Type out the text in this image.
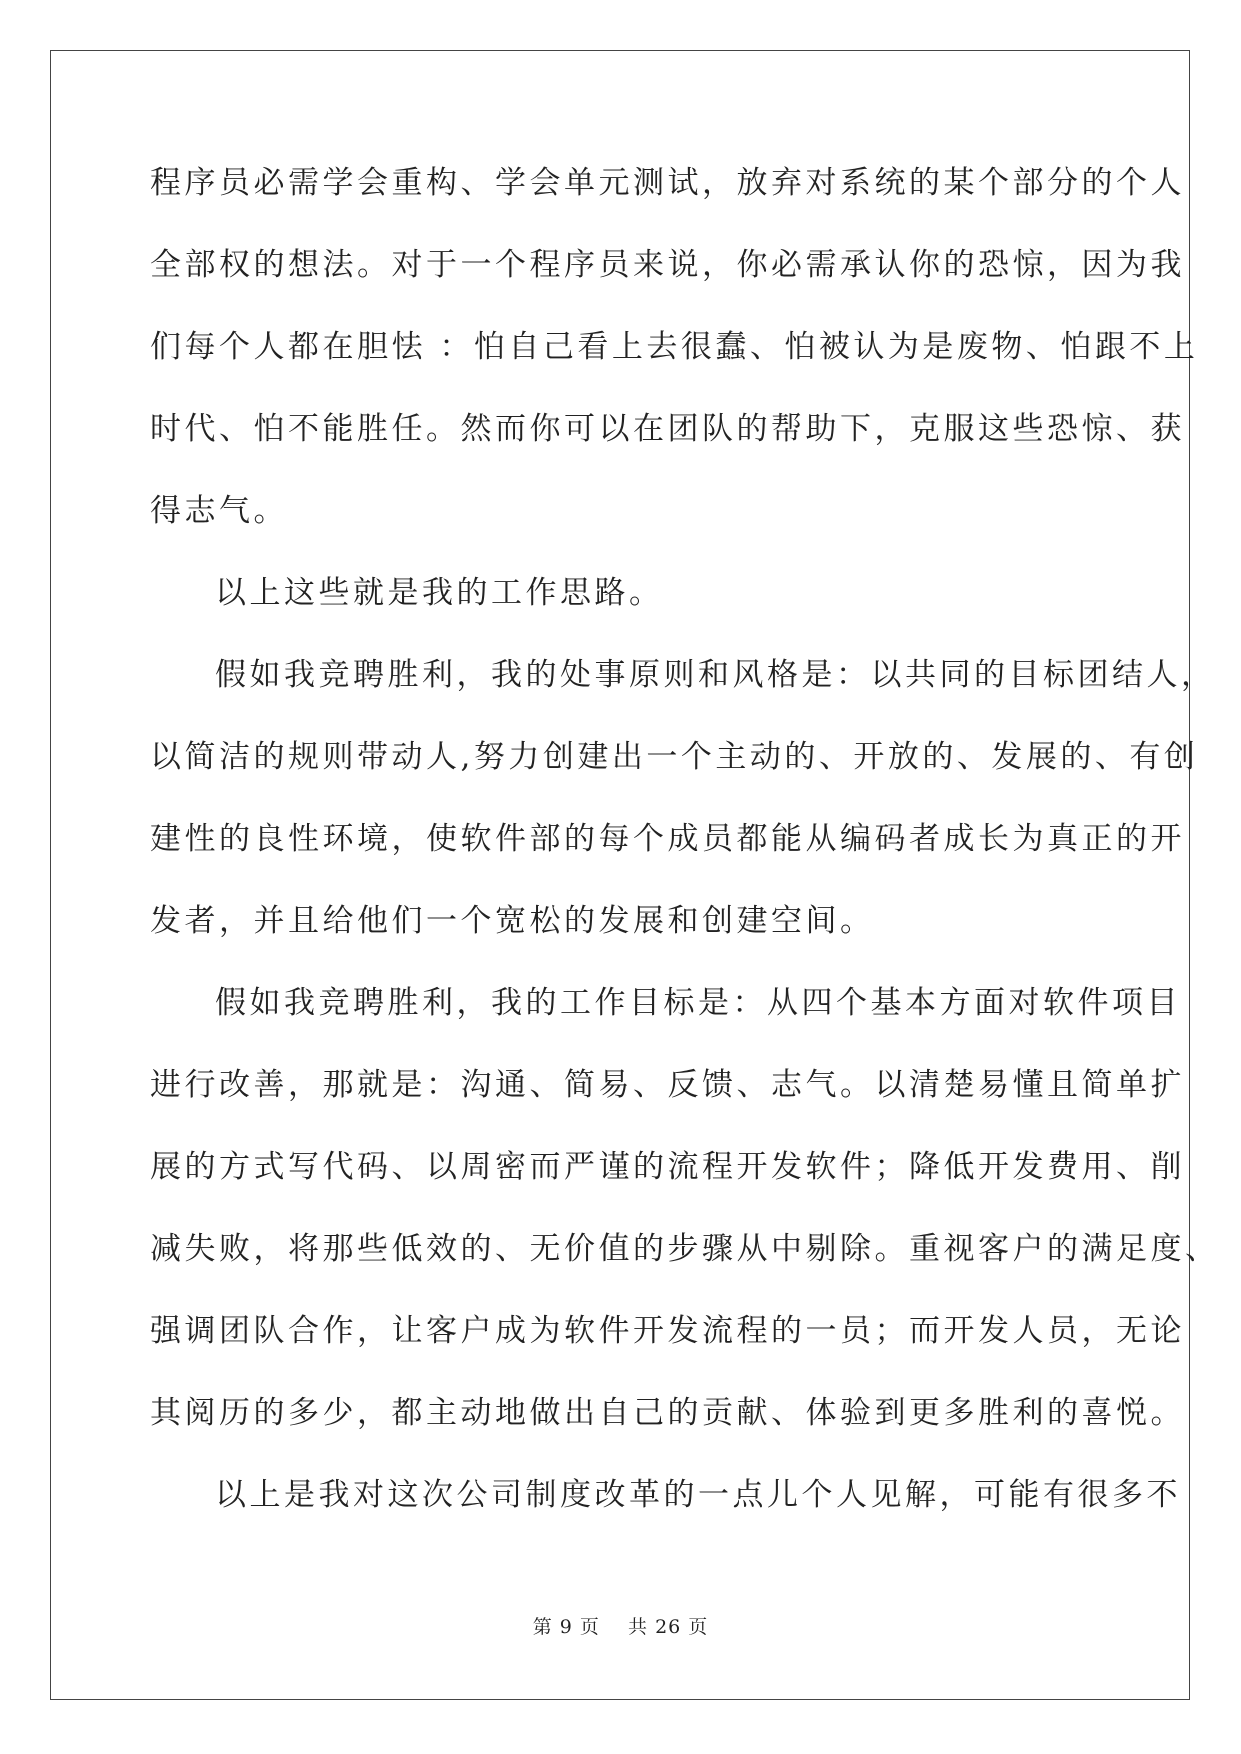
程序员必需学会重构、学会单元测试，放弃对系统的某个部分的个人
全部权的想法。对于一个程序员来说，你必需承认你的恐惊，因为我
们每个人都在胆怯 ：怕自己看上去很蠢、怕被认为是废物、怕跟不上
时代、怕不能胜任。然而你可以在团队的帮助下，克服这些恐惊、获
得志气。
以上这些就是我的工作思路。
假如我竞聘胜利，我的处事原则和风格是：以共同的目标团结人，
以简洁的规则带动人,努力创建出一个主动的、开放的、发展的、有创
建性的良性环境，使软件部的每个成员都能从编码者成长为真正的开
发者，并且给他们一个宽松的发展和创建空间。
假如我竞聘胜利，我的工作目标是：从四个基本方面对软件项目
进行改善，那就是：沟通、简易、反馈、志气。以清楚易懂且简单扩
展的方式写代码、以周密而严谨的流程开发软件；降低开发费用、削
减失败，将那些低效的、无价值的步骤从中剔除。重视客户的满足度、
强调团队合作，让客户成为软件开发流程的一员；而开发人员，无论
其阅历的多少，都主动地做出自己的贡献、体验到更多胜利的喜悦。
以上是我对这次公司制度改革的一点儿个人见解，可能有很多不
第 9 页 共 26 页
